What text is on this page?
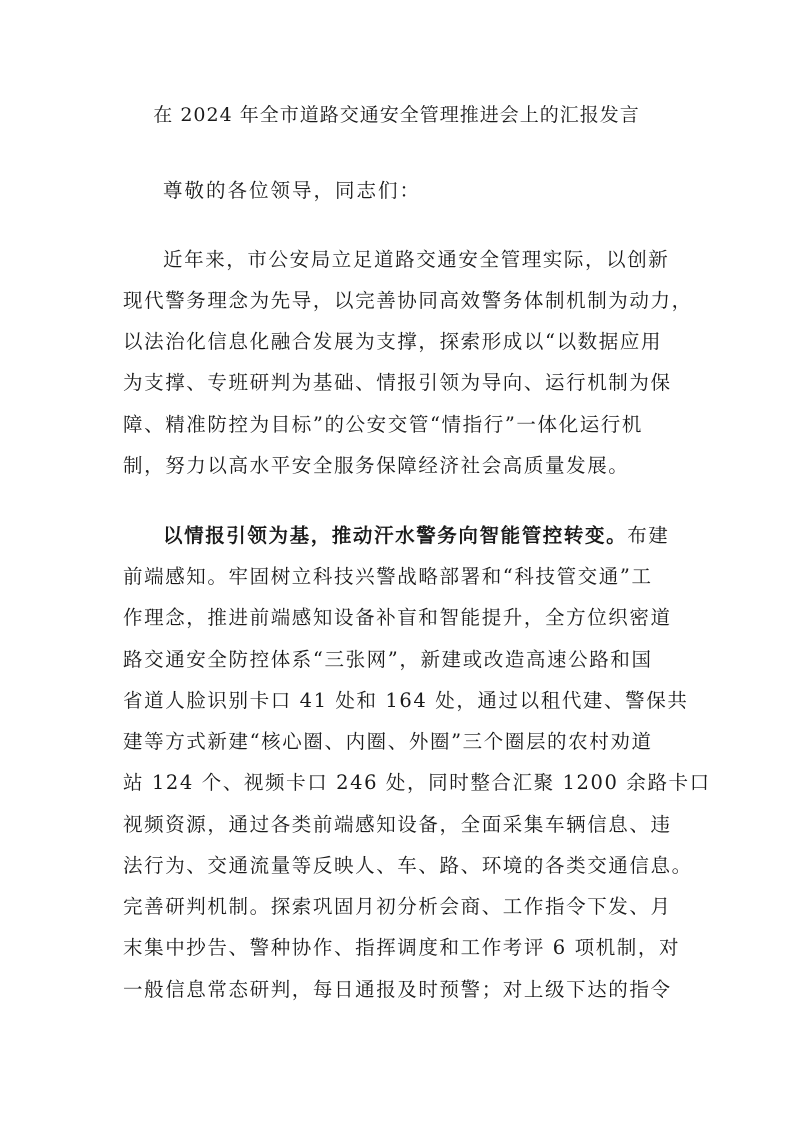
在 2024 年全市道路交通安全管理推进会上的汇报发言
尊敬的各位领导，同志们：
近年来，市公安局立足道路交通安全管理实际，以创新
现代警务理念为先导，以完善协同高效警务体制机制为动力，
以法治化信息化融合发展为支撑，探索形成以“以数据应用
为支撑、专班研判为基础、情报引领为导向、运行机制为保
障、精准防控为目标”的公安交管“情指行”一体化运行机
制，努力以高水平安全服务保障经济社会高质量发展。
以情报引领为基，推动汗水警务向智能管控转变。布建
前端感知。牢固树立科技兴警战略部署和“科技管交通”工
作理念，推进前端感知设备补盲和智能提升，全方位织密道
路交通安全防控体系“三张网”，新建或改造高速公路和国
省道人脸识别卡口 41 处和 164 处，通过以租代建、警保共
建等方式新建“核心圈、内圈、外圈”三个圈层的农村劝道
站 124 个、视频卡口 246 处，同时整合汇聚 1200 余路卡口
视频资源，通过各类前端感知设备，全面采集车辆信息、违
法行为、交通流量等反映人、车、路、环境的各类交通信息。
完善研判机制。探索巩固月初分析会商、工作指令下发、月
末集中抄告、警种协作、指挥调度和工作考评 6 项机制，对
一般信息常态研判，每日通报及时预警；对上级下达的指令
